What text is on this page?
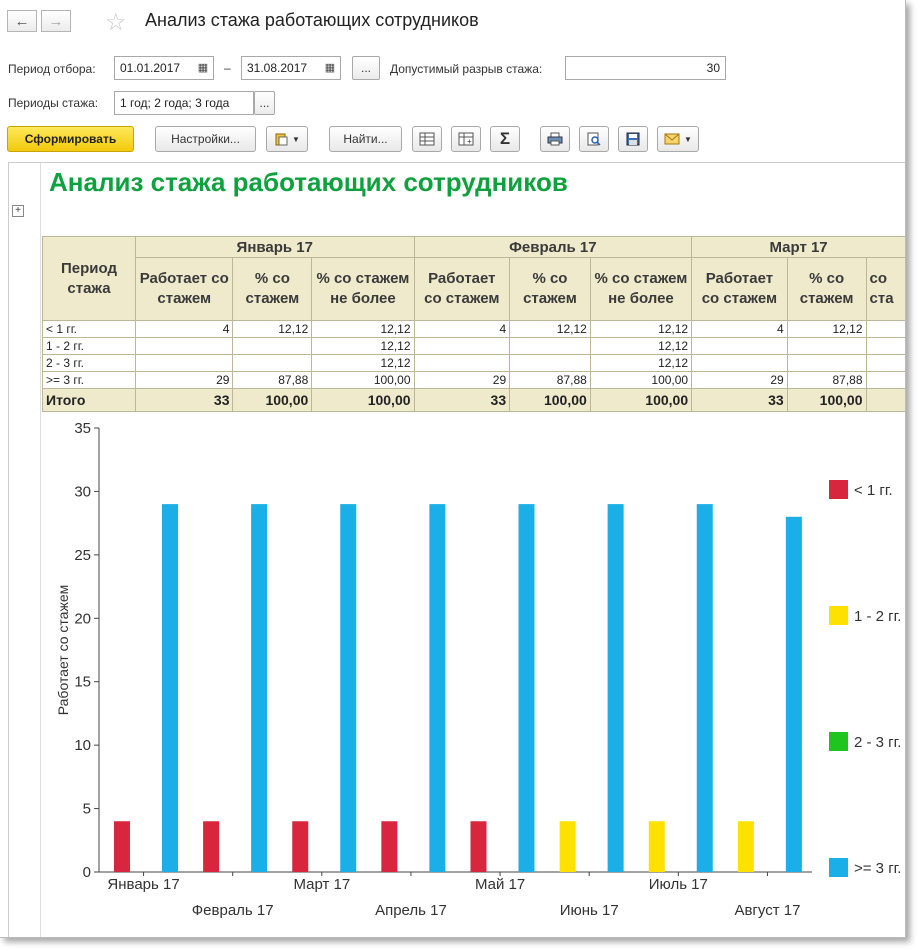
← → ☆ Анализ стажа работающих сотрудников
Период отбора: 01.01.2017 ▦ – 31.08.2017 ▦	...	Допустимый разрыв стажа:	30
Периоды стажа: 1 год; 2 года; 3 года	...
Сформировать	Настройки...	▼	Найти...	+ Σ	▼
+
Анализ стажа работающих сотрудников
Период стажа	Январь 17			Февраль 17			Март 17		
	Работает со стажем	% со стажем	% со стажем не более	Работает со стажем	% со стажем	% со стажем не более	Работает со стажем	% со стажем	со ста
< 1 гг.	4	12,12	12,12	4	12,12	12,12	4	12,12	
1 - 2 гг.			12,12			12,12			
2 - 3 гг.			12,12			12,12			
>= 3 гг.	29	87,88	100,00	29	87,88	100,00	29	87,88	
Итого	33	100,00	100,00	33	100,00	100,00	33	100,00	
0
5
10
15
20
25
30
35
Работает со стажем
Январь 17
Февраль 17
Март 17
Апрель 17
Май 17
Июнь 17
Июль 17
Август 17
< 1 гг.
1 - 2 гг.
2 - 3 гг.
>= 3 гг.
